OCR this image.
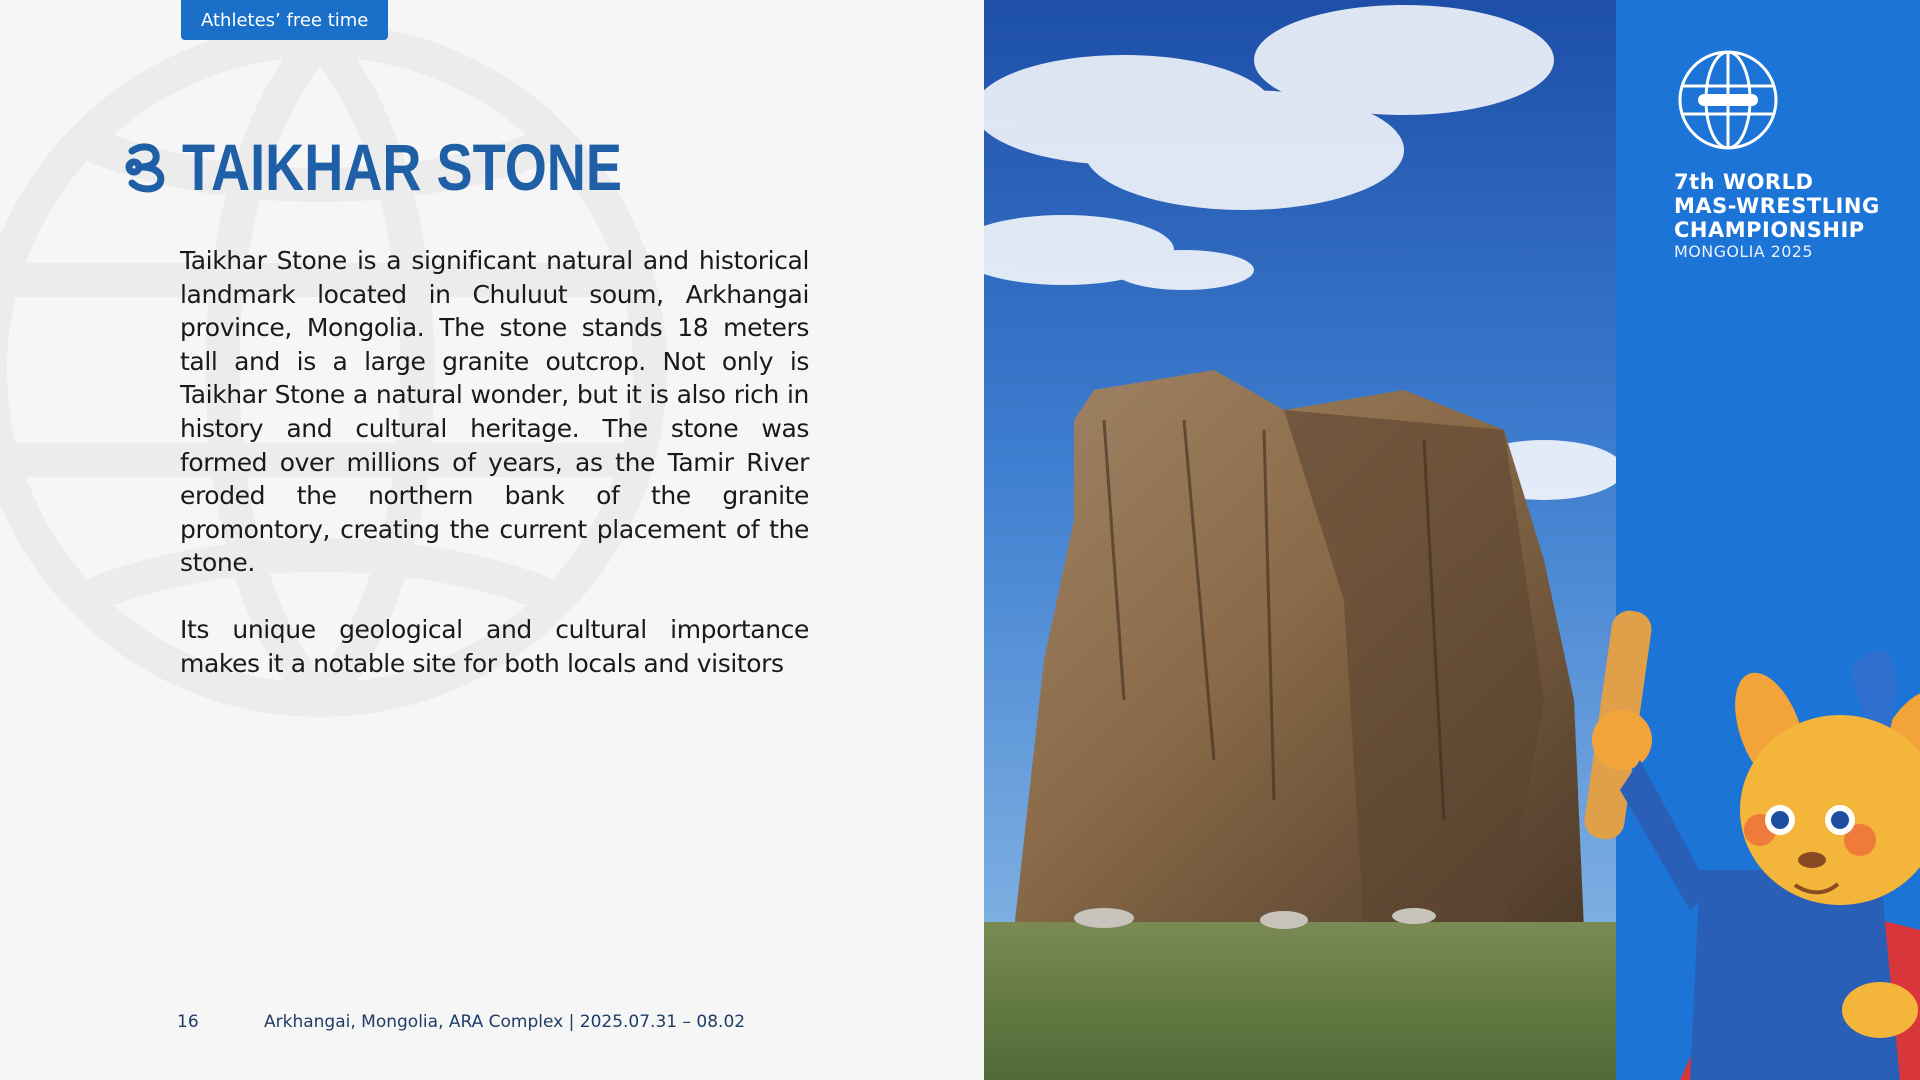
Athletes’ free time
TAIKHAR STONE

Taikhar Stone is a significant natural and historical landmark located in Chuluut soum, Arkhangai province, Mongolia. The stone stands 18 meters tall and is a large granite outcrop. Not only is Taikhar Stone a natural wonder, but it is also rich in history and cultural heritage. The stone was formed over millions of years, as the Tamir River eroded the northern bank of the granite promontory, creating the current placement of the stone.

Its unique geological and cultural importance makes it a notable site for both locals and visitors

16	Arkhangai, Mongolia, ARA Complex | 2025.07.31 – 08.02
7th WORLD
MAS-WRESTLING
CHAMPIONSHIP
MONGOLIA 2025
